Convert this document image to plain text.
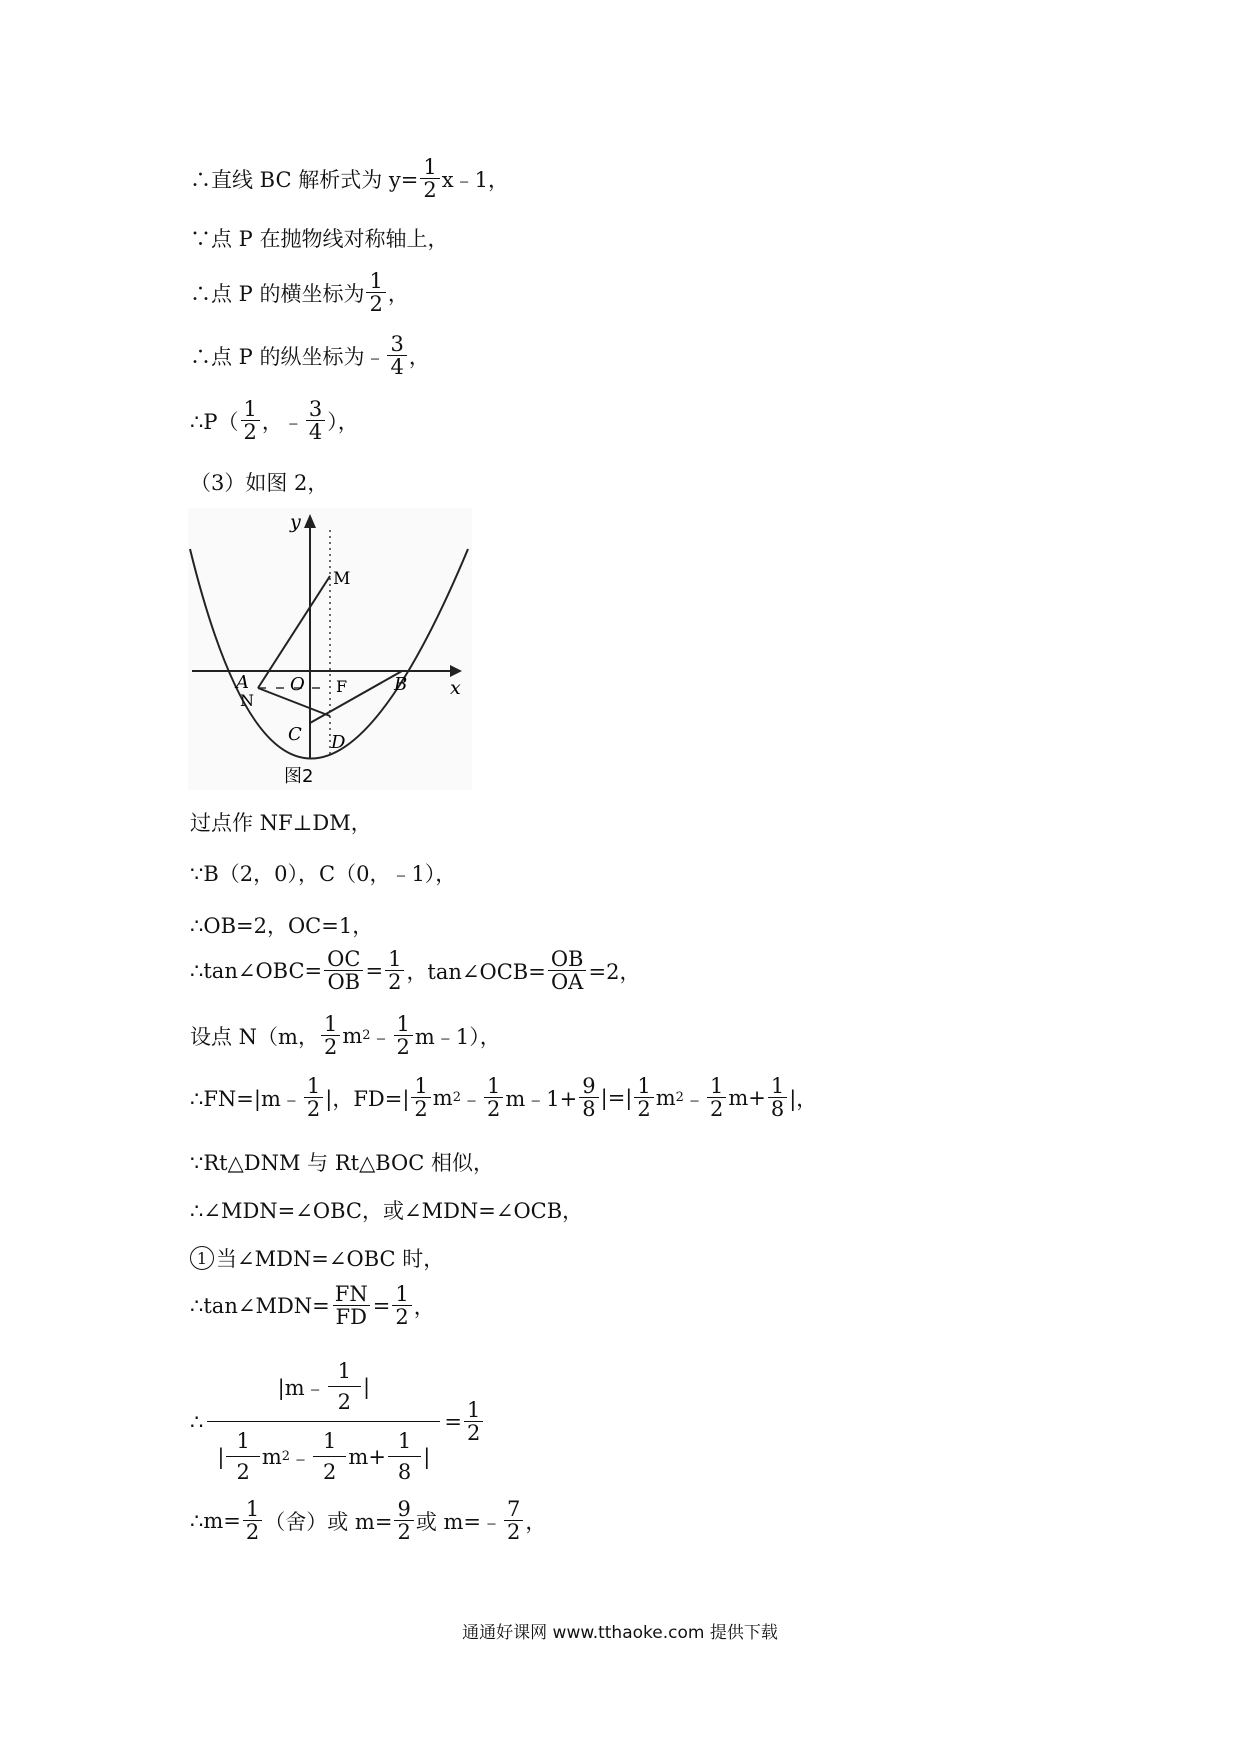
∴直线 BC 解析式为 $y= \frac{1}{2}$ x﹣1，
∵点 P 在抛物线对称轴上，
∴点 P 的横坐标为 $\frac{1}{2}$ ，
∴点 P 的纵坐标为﹣ $\frac{3}{4}$ ，
∴P（ $\frac{1}{2}$ ，﹣ $\frac{3}{4}$ ），
（3）如图 2，
y
x
M
A O F	B
N
C D
图2
过点作 NF⊥DM，
∵B（2，0），C（0，﹣1），
∴OB=2，OC=1，
∴tan∠OBC= $\frac{OC}{OB} = \frac{1}{2}$ ，tan∠OCB= $\frac{OB}{OA} =2$，
设点 N（m， $\frac{1}{2}$ m 2 ﹣ $\frac{1}{2}$ m﹣1），
∴FN=|m﹣ $\frac{1}{2}$ |，$FD=| \frac{1}{2}$ m 2 ﹣ $\frac{1}{2}$ m﹣1+ $\frac{9}{8}$ |=| $\frac{1}{2}$ m 2 ﹣ $\frac{1}{2} m+ \frac{1}{8}$ |，
∵Rt△DNM 与 Rt△BOC 相似，
∴∠MDN=∠OBC，或∠MDN=∠OCB，
1 当∠MDN=∠OBC 时，
∴tan∠MDN= $\frac{FN}{FD} = \frac{1}{2}$ ，
∴
|m﹣ $\frac{1}{2}$ |
| $\frac{1}{2}$ m 2 ﹣ $\frac{1}{2} m+ \frac{1}{8}$ |
= $\frac{1}{2}$
∴m= $\frac{1}{2}$ （舍）或 $m= \frac{9}{2}$ 或 m=﹣ $\frac{7}{2}$ ，
通通好课网 www.tthaoke.com 提供下载
